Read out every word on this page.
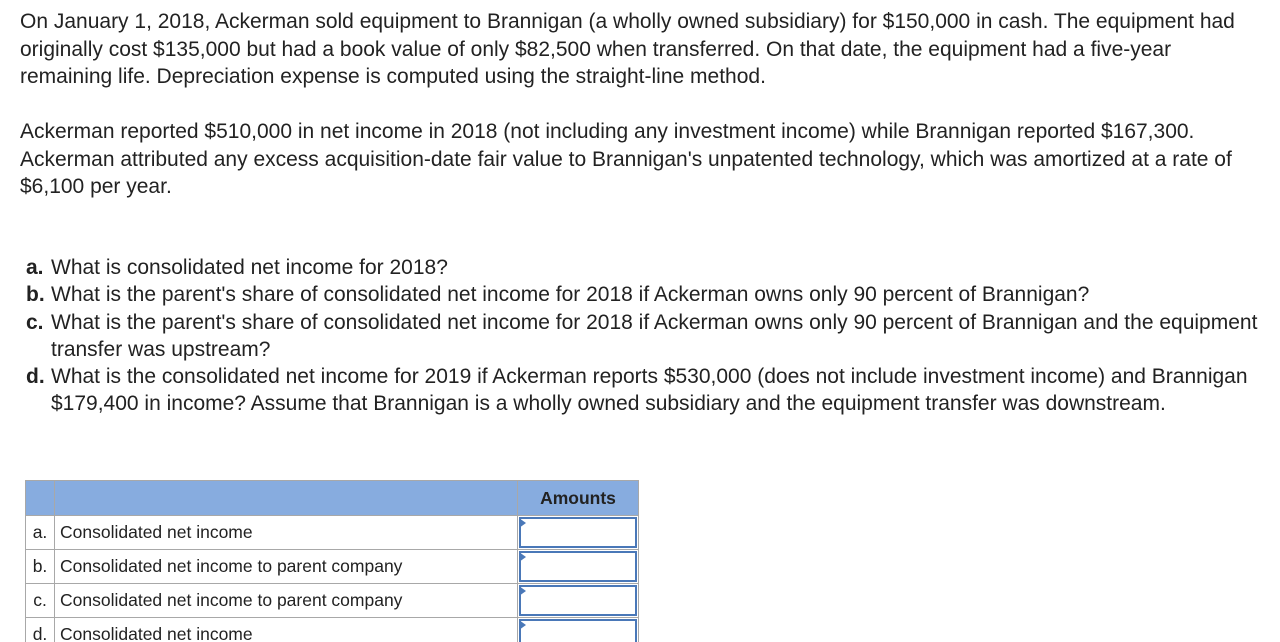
On January 1, 2018, Ackerman sold equipment to Brannigan (a wholly owned subsidiary) for $150,000 in cash. The equipment had originally cost $135,000 but had a book value of only $82,500 when transferred. On that date, the equipment had a five-year remaining life. Depreciation expense is computed using the straight-line method.

Ackerman reported $510,000 in net income in 2018 (not including any investment income) while Brannigan reported $167,300. Ackerman attributed any excess acquisition-date fair value to Brannigan's unpatented technology, which was amortized at a rate of $6,100 per year.

a. What is consolidated net income for 2018?
b. What is the parent's share of consolidated net income for 2018 if Ackerman owns only 90 percent of Brannigan?
c. What is the parent's share of consolidated net income for 2018 if Ackerman owns only 90 percent of Brannigan and the equipment transfer was upstream?
d. What is the consolidated net income for 2019 if Ackerman reports $530,000 (does not include investment income) and Brannigan $179,400 in income? Assume that Brannigan is a wholly owned subsidiary and the equipment transfer was downstream.
		Amounts
a.	Consolidated net income	

b.	Consolidated net income to parent company	

c.	Consolidated net income to parent company	

d.	Consolidated net income	
